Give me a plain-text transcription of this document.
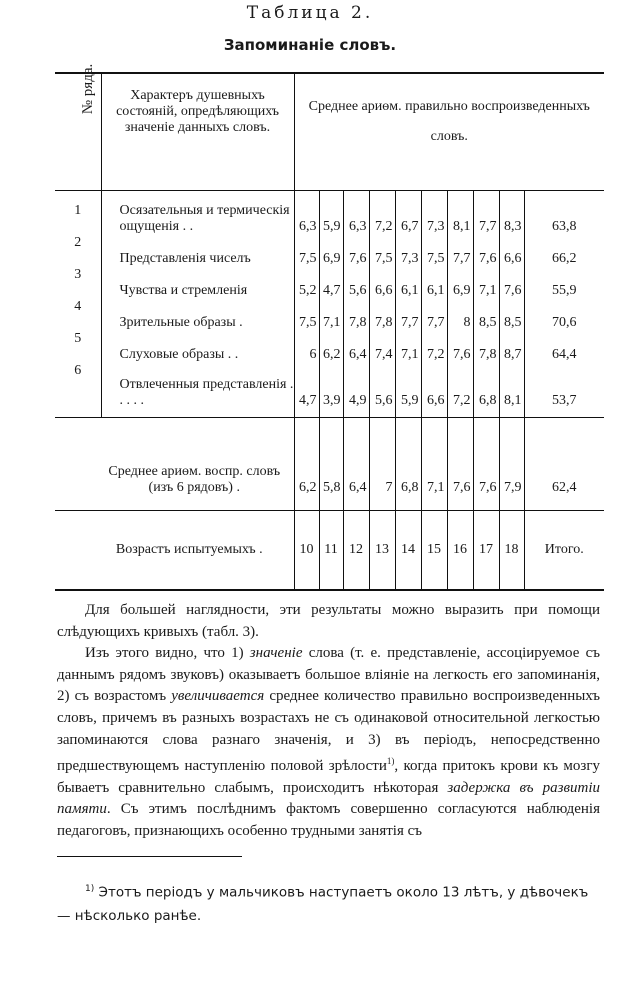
Таблица 2.
Запоминаніе словъ.
№ ряда.	Характеръ душевныхъ состояній, опредѣляющихъ значеніе данныхъ словъ.	Среднее ариѳм. правильно воспроизведенныхъ словъ.									
1	Осязательныя и термическія ощущенія . .	6,3	5,9	6,3	7,2	6,7	7,3	8,1	7,7	8,3	63,8
2	Представленія чиселъ	7,5	6,9	7,6	7,5	7,3	7,5	7,7	7,6	6,6	66,2
3	Чувства и стремленія	5,2	4,7	5,6	6,6	6,1	6,1	6,9	7,1	7,6	55,9
4	Зрительные образы .	7,5	7,1	7,8	7,8	7,7	7,7	8	8,5	8,5	70,6
5	Слуховые образы . .	6	6,2	6,4	7,4	7,1	7,2	7,6	7,8	8,7	64,4
6	Отвлеченныя представленія . . . . .	4,7	3,9	4,9	5,6	5,9	6,6	7,2	6,8	8,1	53,7
Среднее ариѳм. воспр. словъ (изъ 6 рядовъ) .		6,2	5,8	6,4	7	6,8	7,1	7,6	7,6	7,9	62,4
Возрастъ испытуемыхъ .		10	11	12	13	14	15	16	17	18	Итого.

Для большей наглядности, эти результаты можно выразить при помощи слѣдующихъ кривыхъ (табл. 3).

Изъ этого видно, что 1) значеніе слова (т. е. представленіе, ассоціируемое съ даннымъ рядомъ звуковъ) оказываетъ большое вліяніе на легкость его запоминанія, 2) съ возрастомъ увеличивается среднее количество правильно воспроизведенныхъ словъ, причемъ въ разныхъ возрастахъ не съ одинаковой относительной легкостью запоминаются слова разнаго значенія, и 3) въ періодъ, непосредственно предшествующемъ наступленію половой зрѣлости$^{1)}$, когда притокъ крови къ мозгу бываетъ сравнительно слабымъ, происходитъ нѣкоторая задержка въ развитіи памяти. Съ этимъ послѣднимъ фактомъ совершенно согласуются наблюденія педагоговъ, признающихъ особенно трудными занятія съ

$^{1)}$ Этотъ періодъ у мальчиковъ наступаетъ около 13 лѣтъ, у дѣвочекъ — нѣсколько ранѣе.
